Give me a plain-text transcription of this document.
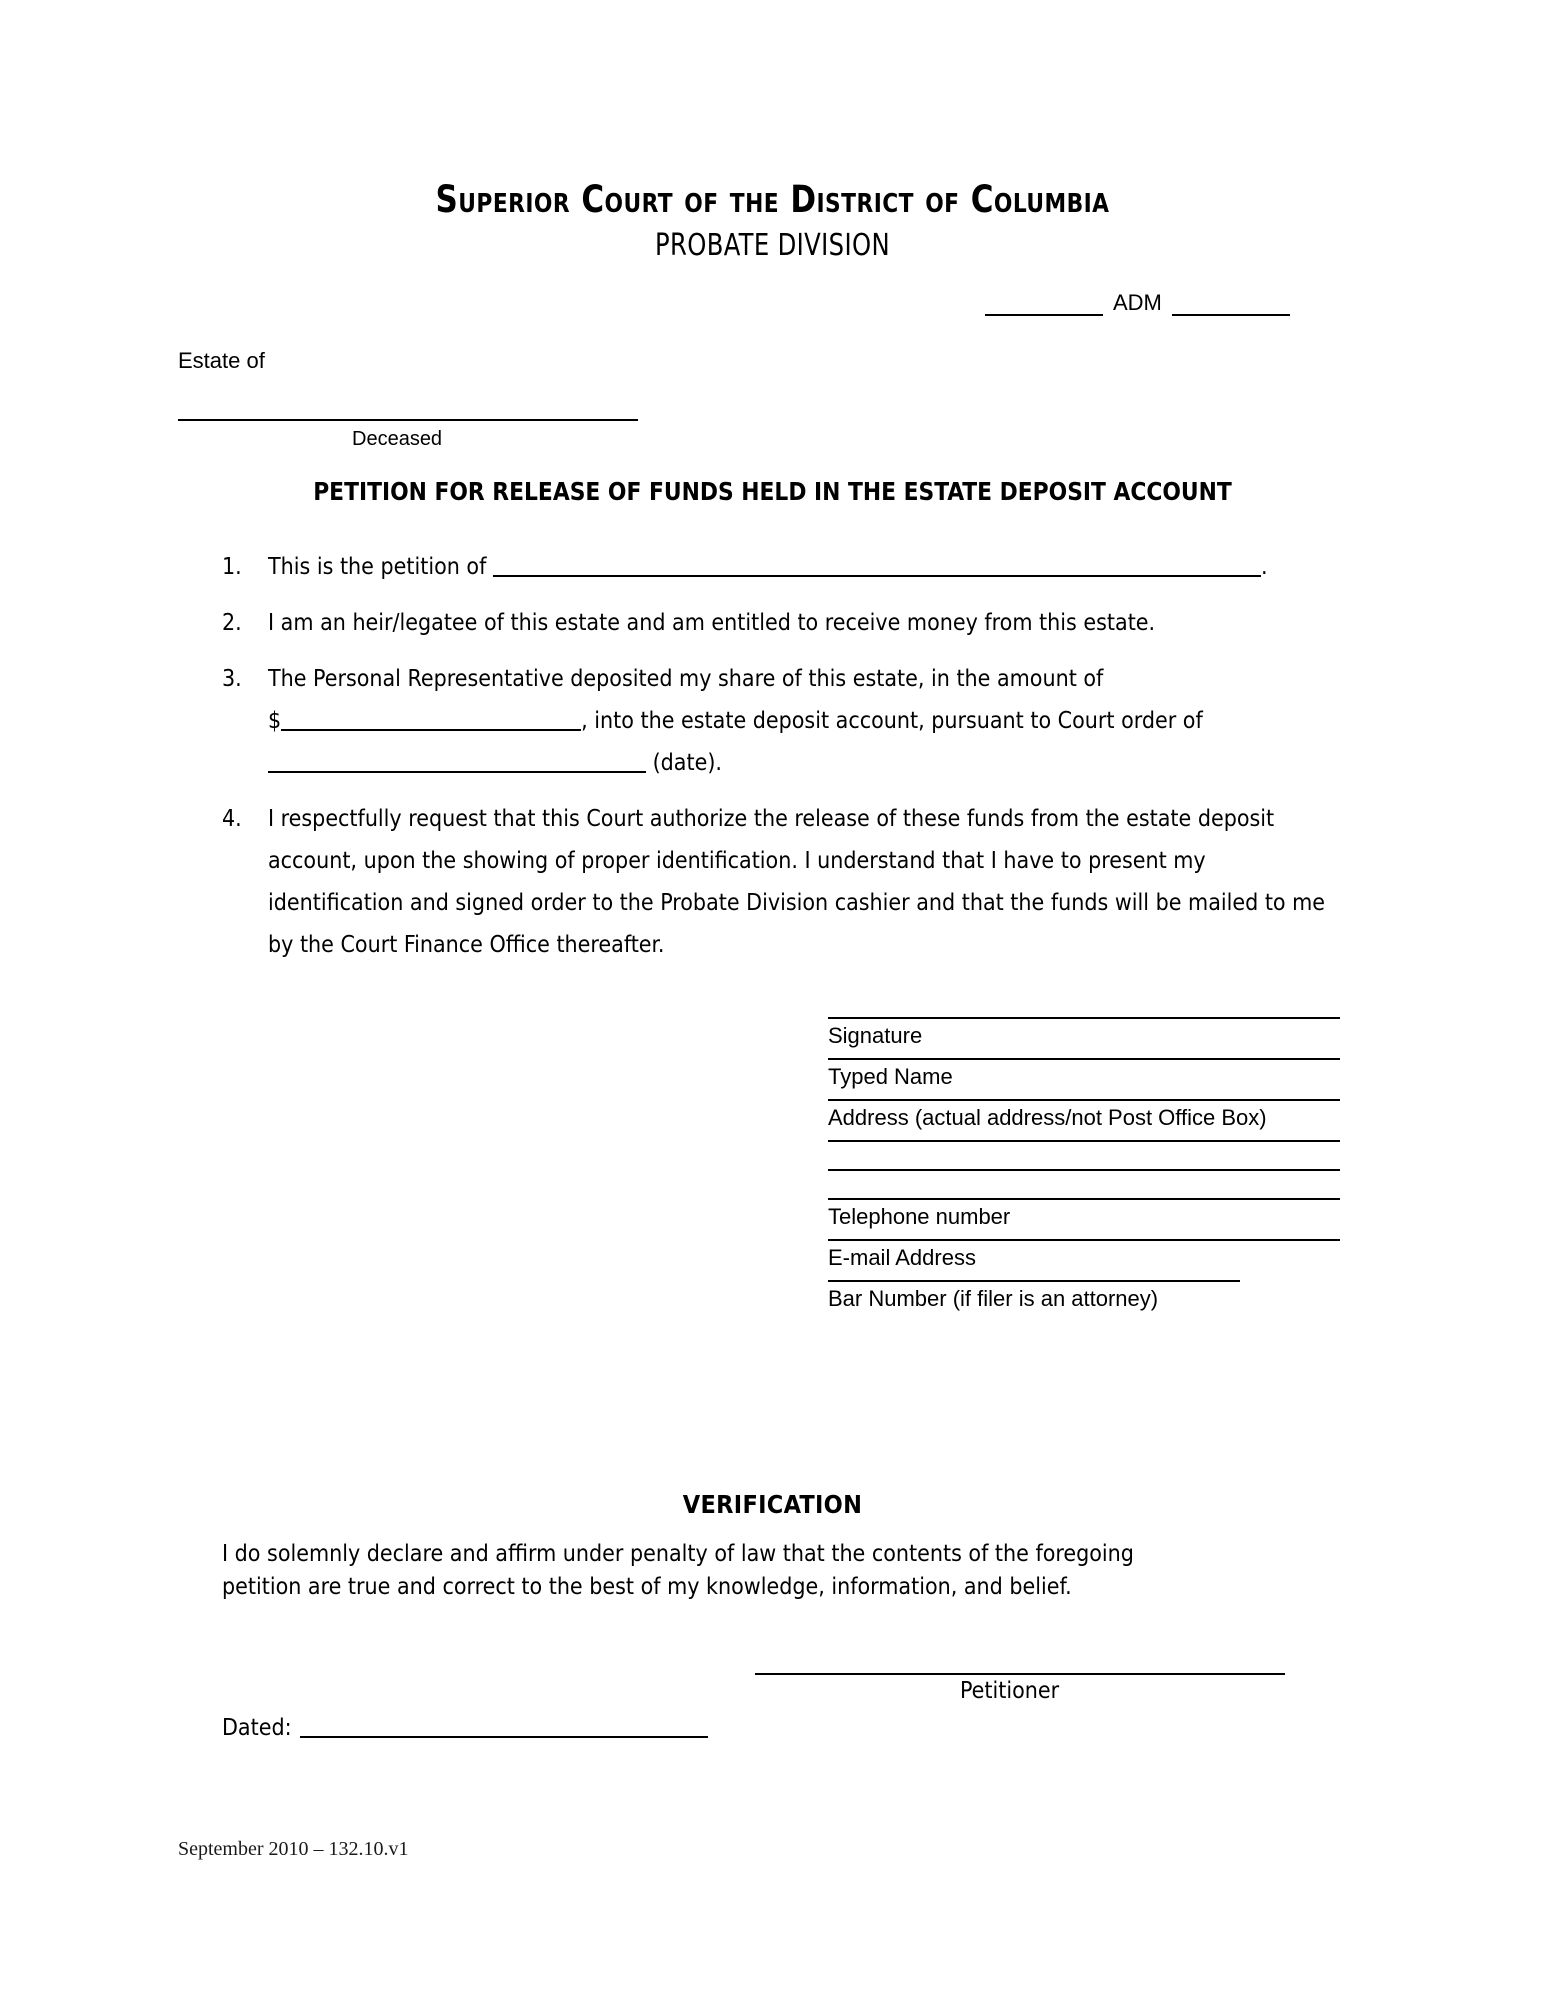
Superior Court of the District of Columbia
PROBATE DIVISION
ADM
Estate of
Deceased
PETITION FOR RELEASE OF FUNDS HELD IN THE ESTATE DEPOSIT ACCOUNT
1. This is the petition of	.
2. I am an heir/legatee of this estate and am entitled to receive money from this estate.
3. The Personal Representative deposited my share of this estate, in the amount of
$	, into the estate deposit account, pursuant to Court order of
(date).
4. I respectfully request that this Court authorize the release of these funds from the estate deposit account, upon the showing of proper identification. I understand that I have to present my identification and signed order to the Probate Division cashier and that the funds will be mailed to me by the Court Finance Office thereafter.

Signature
Typed Name
Address (actual address/not Post Office Box)
Telephone number
E-mail Address
Bar Number (if filer is an attorney)
VERIFICATION
I do solemnly declare and affirm under penalty of law that the contents of the foregoing
petition are true and correct to the best of my knowledge, information, and belief.
Petitioner
Dated:
September 2010 – 132.10.v1
